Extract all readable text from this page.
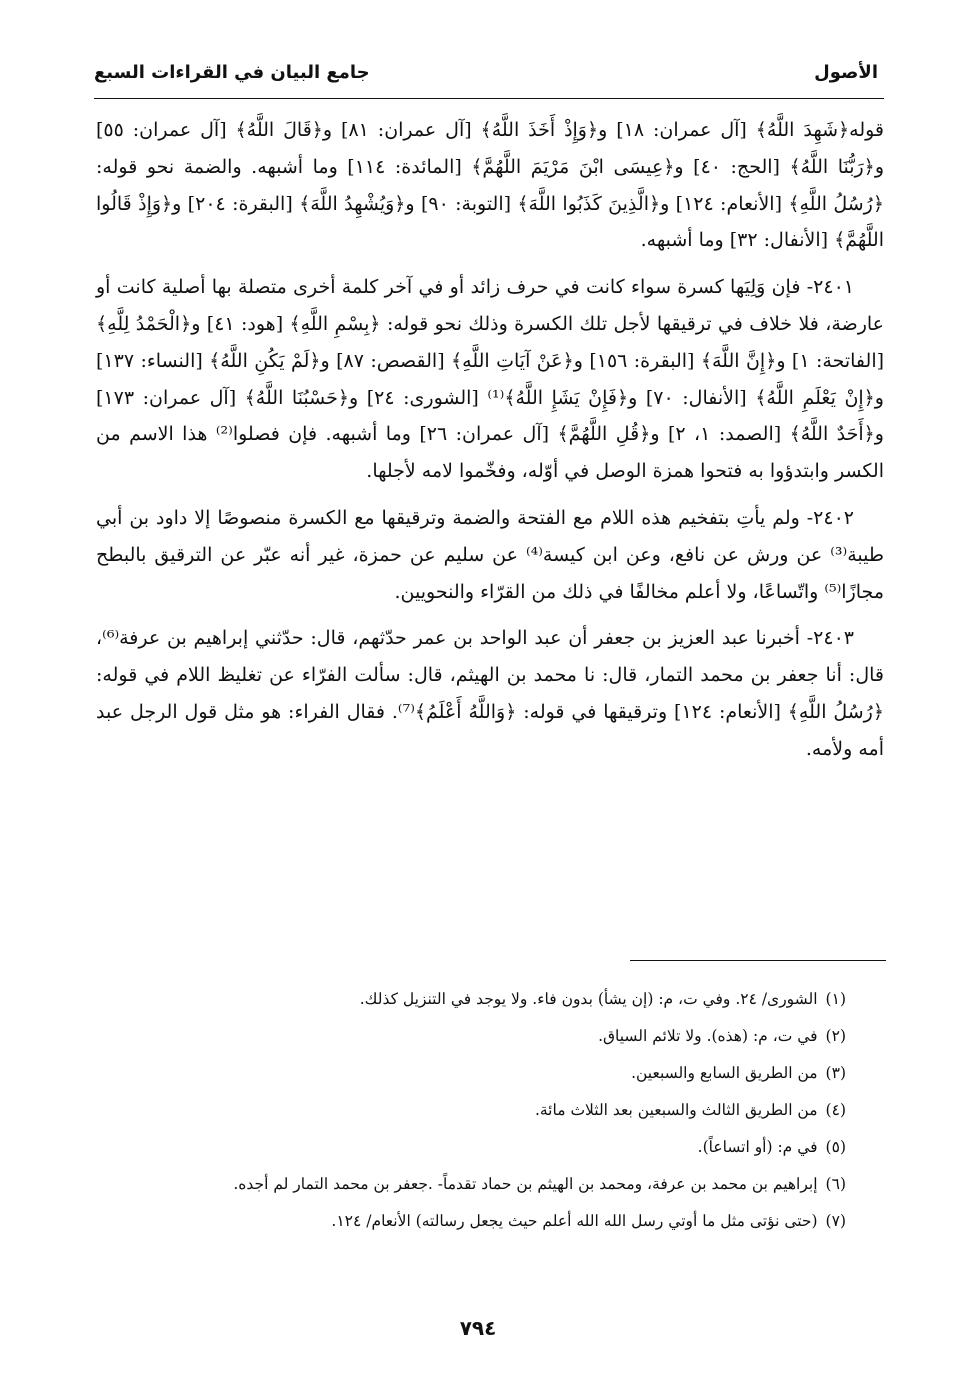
الأصول
جامع البيان في القراءات السبع

قوله﴿شَهِدَ اللَّهُ﴾ [آل عمران: ١٨] و﴿وَإِذْ أَخَذَ اللَّهُ﴾ [آل عمران: ٨١] و﴿قَالَ اللَّهُ﴾ [آل عمران: ٥٥] و﴿رَبُّنَا اللَّهُ﴾ [الحج: ٤٠] و﴿عِيسَى ابْنَ مَرْيَمَ اللَّهُمَّ﴾ [المائدة: ١١٤] وما أشبهه. والضمة نحو قوله: ﴿رُسُلُ اللَّهِ﴾ [الأنعام: ١٢٤] و﴿الَّذِينَ كَذَبُوا اللَّهَ﴾ [التوبة: ٩٠] و﴿وَيُشْهِدُ اللَّهَ﴾ [البقرة: ٢٠٤] و﴿وَإِذْ قَالُوا اللَّهُمَّ﴾ [الأنفال: ٣٢] وما أشبهه.

٢٤٠١- فإن وَلِيَها كسرة سواء كانت في حرف زائد أو في آخر كلمة أخرى متصلة بها أصلية كانت أو عارضة، فلا خلاف في ترقيقها لأجل تلك الكسرة وذلك نحو قوله: ﴿بِسْمِ اللَّهِ﴾ [هود: ٤١] و﴿الْحَمْدُ لِلَّهِ﴾ [الفاتحة: ١] و﴿إِنَّ اللَّهَ﴾ [البقرة: ١٥٦] و﴿عَنْ آيَاتِ اللَّهِ﴾ [القصص: ٨٧] و﴿لَمْ يَكُنِ اللَّهُ﴾ [النساء: ١٣٧] و﴿إِنْ يَعْلَمِ اللَّهُ﴾ [الأنفال: ٧٠] و﴿فَإِنْ يَشَإِ اللَّهُ﴾⁽¹⁾ [الشورى: ٢٤] و﴿حَسْبُنَا اللَّهُ﴾ [آل عمران: ١٧٣] و﴿أَحَدٌ اللَّهُ﴾ [الصمد: ١، ٢] و﴿قُلِ اللَّهُمَّ﴾ [آل عمران: ٢٦] وما أشبهه. فإن فصلوا⁽²⁾ هذا الاسم من الكسر وابتدؤوا به فتحوا همزة الوصل في أوّله، وفخّموا لامه لأجلها.

٢٤٠٢- ولم يأتِ بتفخيم هذه اللام مع الفتحة والضمة وترقيقها مع الكسرة منصوصًا إلا داود بن أبي طيبة⁽³⁾ عن ورش عن نافع، وعن ابن كيسة⁽⁴⁾ عن سليم عن حمزة، غير أنه عبّر عن الترقيق بالبطح مجازًا⁽⁵⁾ واتّساعًا، ولا أعلم مخالفًا في ذلك من القرّاء والنحويين.

٢٤٠٣- أخبرنا عبد العزيز بن جعفر أن عبد الواحد بن عمر حدّثهم، قال: حدّثني إبراهيم بن عرفة⁽⁶⁾، قال: أنا جعفر بن محمد التمار، قال: نا محمد بن الهيثم، قال: سألت الفرّاء عن تغليظ اللام في قوله: ﴿رُسُلُ اللَّهِ﴾ [الأنعام: ١٢٤] وترقيقها في قوله: ﴿وَاللَّهُ أَعْلَمُ﴾⁽⁷⁾. فقال الفراء: هو مثل قول الرجل عبد أمه ولأمه.

(١)الشورى/ ٢٤. وفي ت، م: (إن يشأ) بدون فاء. ولا يوجد في التنزيل كذلك.

(٢)في ت، م: (هذه). ولا تلائم السياق.

(٣)من الطريق السابع والسبعين.

(٤)من الطريق الثالث والسبعين بعد الثلاث مائة.

(٥)في م: (أو اتساعاً).

(٦)إبراهيم بن محمد بن عرفة، ومحمد بن الهيثم بن حماد تقدماً- .جعفر بن محمد التمار لم أجده.

(٧)(حتى نؤتى مثل ما أوتي رسل الله الله أعلم حيث يجعل رسالته) الأنعام/ ١٢٤.

٧٩٤
